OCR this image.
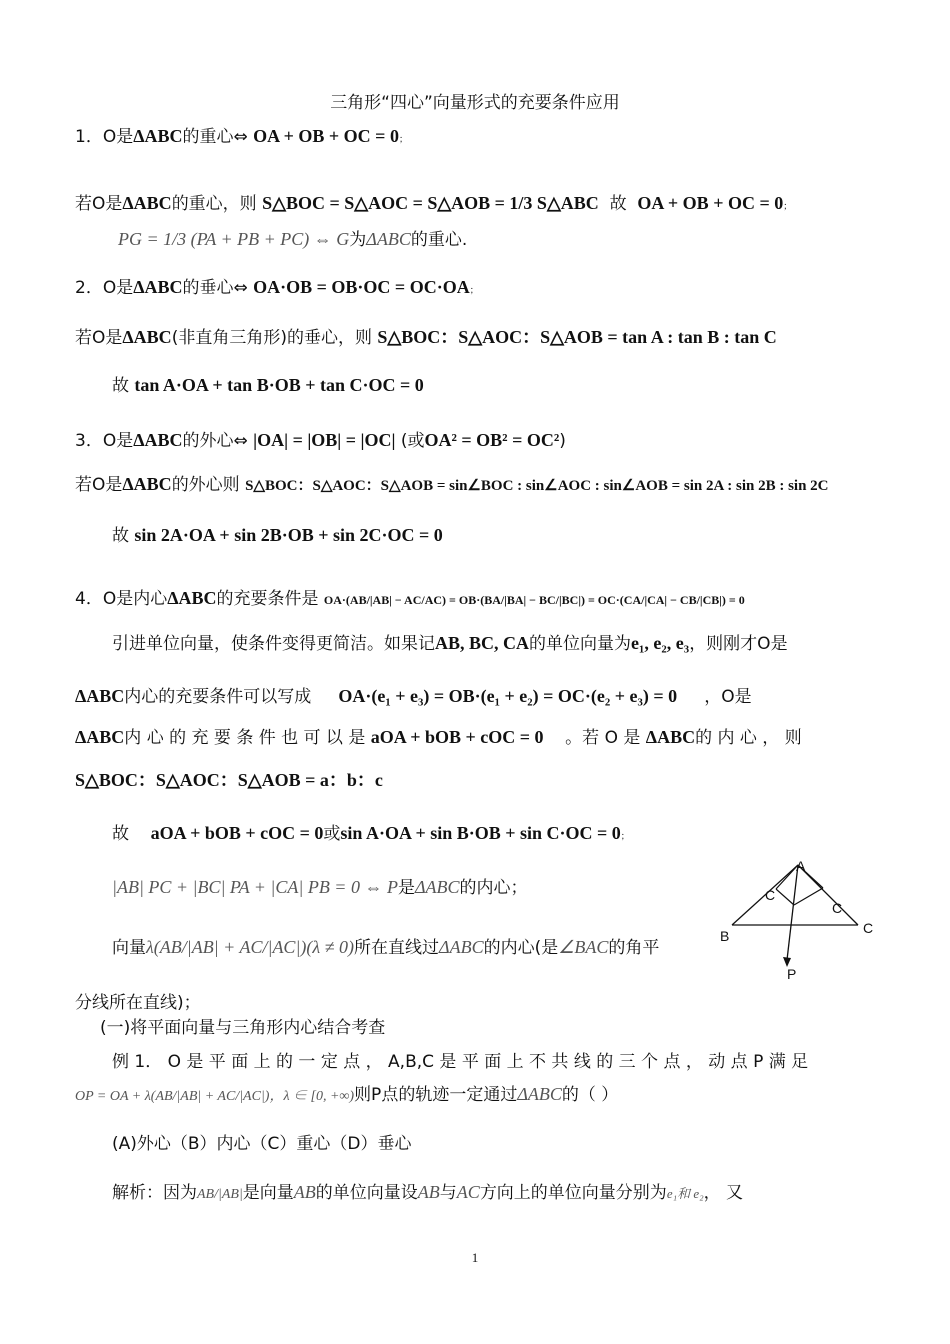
三角形“四心”向量形式的充要条件应用
1．O是ΔABC的重心⇔ OA + OB + OC = 0；
若O是ΔABC的重心，则 S△BOC = S△AOC = S△AOB = 1/3 S△ABC 故 OA + OB + OC = 0；
PG = 1/3 (PA + PB + PC) ⇔ G为ΔABC的重心.
2．O是ΔABC的垂心⇔ OA·OB = OB·OC = OC·OA；
若O是ΔABC(非直角三角形)的垂心，则 S△BOC：S△AOC：S△AOB = tan A : tan B : tan C
故 tan A·OA + tan B·OB + tan C·OC = 0
3．O是ΔABC的外心⇔ |OA| = |OB| = |OC| (或OA² = OB² = OC²)
若O是ΔABC的外心则 S△BOC：S△AOC：S△AOB = sin∠BOC : sin∠AOC : sin∠AOB = sin 2A : sin 2B : sin 2C
故 sin 2A·OA + sin 2B·OB + sin 2C·OC = 0
4．O是内心ΔABC的充要条件是 OA·(AB/|AB| − AC/AC) = OB·(BA/|BA| − BC/|BC|) = OC·(CA/|CA| − CB/|CB|) = 0
引进单位向量，使条件变得更简洁。如果记AB, BC, CA的单位向量为e₁, e₂, e₃，则刚才O是
ΔABC内心的充要条件可以写成 OA·(e₁ + e₃) = OB·(e₁ + e₂) = OC·(e₂ + e₃) = 0 ，O是
ΔABC内 心 的 充 要 条 件 也 可 以 是 aOA + bOB + cOC = 0 。若 O 是 ΔABC的 内 心 ， 则
S△BOC：S△AOC：S△AOB = a：b：c
故 aOA + bOB + cOC = 0或sin A·OA + sin B·OB + sin C·OC = 0；
|AB| PC + |BC| PA + |CA| PB = 0 ⇔ P是ΔABC的内心；
向量λ(AB/|AB| + AC/|AC|)(λ ≠ 0)所在直线过ΔABC的内心(是∠BAC的角平
分线所在直线)；
(一)将平面向量与三角形内心结合考查
例 1． O 是 平 面 上 的 一 定 点 ， A,B,C 是 平 面 上 不 共 线 的 三 个 点 ， 动 点 P 满 足
OP = OA + λ(AB/|AB| + AC/|AC|)，λ ∈ [0, +∞)则P点的轨迹一定通过ΔABC的（ ）
(A)外心（B）内心（C）重心（D）垂心
解析：因为AB/|AB|是向量AB的单位向量设AB与AC方向上的单位向量分别为e₁和 e₂， 又
A
C
C
B	C
P
1
